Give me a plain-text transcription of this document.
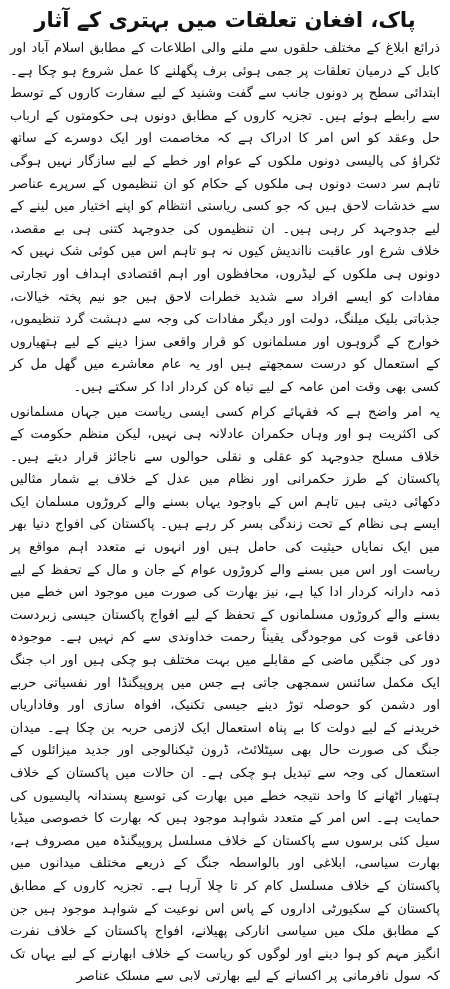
پاک، افغان تعلقات میں بہتری کے آثار

ذرائع ابلاغ کے مختلف حلقوں سے ملنے والی اطلاعات کے مطابق اسلام آباد اور کابل کے درمیان تعلقات پر جمی ہوئی برف پگھلنے کا عمل شروع ہو چکا ہے۔ ابتدائی سطح پر دونوں جانب سے گفت وشنید کے لیے سفارت کاروں کے توسط سے رابطے ہوئے ہیں۔ تجزیہ کاروں کے مطابق دونوں ہی حکومتوں کے ارباب حل وعقد کو اس امر کا ادراک ہے کہ مخاصمت اور ایک دوسرے کے ساتھ ٹکراؤ کی پالیسی دونوں ملکوں کے عوام اور خطے کے لیے سازگار نہیں ہوگی تاہم سر دست دونوں ہی ملکوں کے حکام کو ان تنظیموں کے سرپرے عناصر سے خدشات لاحق ہیں کہ جو کسی ریاستی انتظام کو اپنے اختیار میں لینے کے لیے جدوجہد کر رہی ہیں۔ ان تنظیموں کی جدوجہد کتنی ہی بے مقصد، خلاف شرع اور عاقبت نااندیش کیوں نہ ہو تاہم اس میں کوئی شک نہیں کہ دونوں ہی ملکوں کے لیڈروں، محافظوں اور اہم اقتصادی اہداف اور تجارتی مفادات کو ایسے افراد سے شدید خطرات لاحق ہیں جو نیم پختہ خیالات، جذباتی بلیک میلنگ، دولت اور دیگر مفادات کی وجہ سے دہشت گرد تنظیموں، خوارج کے گروہوں اور مسلمانوں کو قرار واقعی سزا دینے کے لیے ہتھیاروں کے استعمال کو درست سمجھتے ہیں اور یہ عام معاشرے میں گھل مل کر کسی بھی وقت امن عامہ کے لیے تباہ کن کردار ادا کر سکتے ہیں۔

یہ امر واضح ہے کہ فقہائے کرام کسی ایسی ریاست میں جہاں مسلمانوں کی اکثریت ہو اور وہاں حکمران عادلانہ ہی نہیں، لیکن منظم حکومت کے خلاف مسلح جدوجہد کو عقلی و نقلی حوالوں سے ناجائز قرار دیتے ہیں۔ پاکستان کے طرز حکمرانی اور نظام میں عدل کے خلاف بے شمار مثالیں دکھائی دیتی ہیں تاہم اس کے باوجود یہاں بسنے والے کروڑوں مسلمان ایک ایسے ہی نظام کے تحت زندگی بسر کر رہے ہیں۔ پاکستان کی افواج دنیا بھر میں ایک نمایاں حیثیت کی حامل ہیں اور انہوں نے متعدد اہم مواقع پر ریاست اور اس میں بسنے والے کروڑوں عوام کے جان و مال کے تحفظ کے لیے ذمہ دارانہ کردار ادا کیا ہے، نیز بھارت کی صورت میں موجود اس خطے میں بسنے والے کروڑوں مسلمانوں کے تحفظ کے لیے افواج پاکستان جیسی زبردست دفاعی قوت کی موجودگی یقیناً رحمت خداوندی سے کم نہیں ہے۔ موجودہ دور کی جنگیں ماضی کے مقابلے میں بہت مختلف ہو چکی ہیں اور اب جنگ ایک مکمل سائنس سمجھی جاتی ہے جس میں پروپیگنڈا اور نفسیاتی حربے اور دشمن کو حوصلہ توڑ دینے جیسی تکنیک، افواہ سازی اور وفاداریاں خریدنے کے لیے دولت کا بے پناہ استعمال ایک لازمی حربہ بن چکا ہے۔ میدان جنگ کی صورت حال بھی سیٹلائٹ، ڈرون ٹیکنالوجی اور جدید میزائلوں کے استعمال کی وجہ سے تبدیل ہو چکی ہے۔ ان حالات میں پاکستان کے خلاف ہتھیار اٹھانے کا واحد نتیجہ خطے میں بھارت کی توسیع پسندانہ پالیسیوں کی حمایت ہے۔ اس امر کے متعدد شواہد موجود ہیں کہ بھارت کا خصوصی میڈیا سیل کئی برسوں سے پاکستان کے خلاف مسلسل پروپیگنڈہ میں مصروف ہے، بھارت سیاسی، ابلاغی اور بالواسطہ جنگ کے ذریعے مختلف میدانوں میں پاکستان کے خلاف مسلسل کام کر تا چلا آرہا ہے۔ تجزیہ کاروں کے مطابق پاکستان کے سکیورٹی اداروں کے پاس اس نوعیت کے شواہد موجود ہیں جن کے مطابق ملک میں سیاسی انارکی پھیلانے، افواج پاکستان کے خلاف نفرت انگیز مہم کو ہوا دینے اور لوگوں کو ریاست کے خلاف ابھارنے کے لیے یہاں تک کہ سول نافرمانی پر اکسانے کے لیے بھارتی لابی سے مسلک عناصر
